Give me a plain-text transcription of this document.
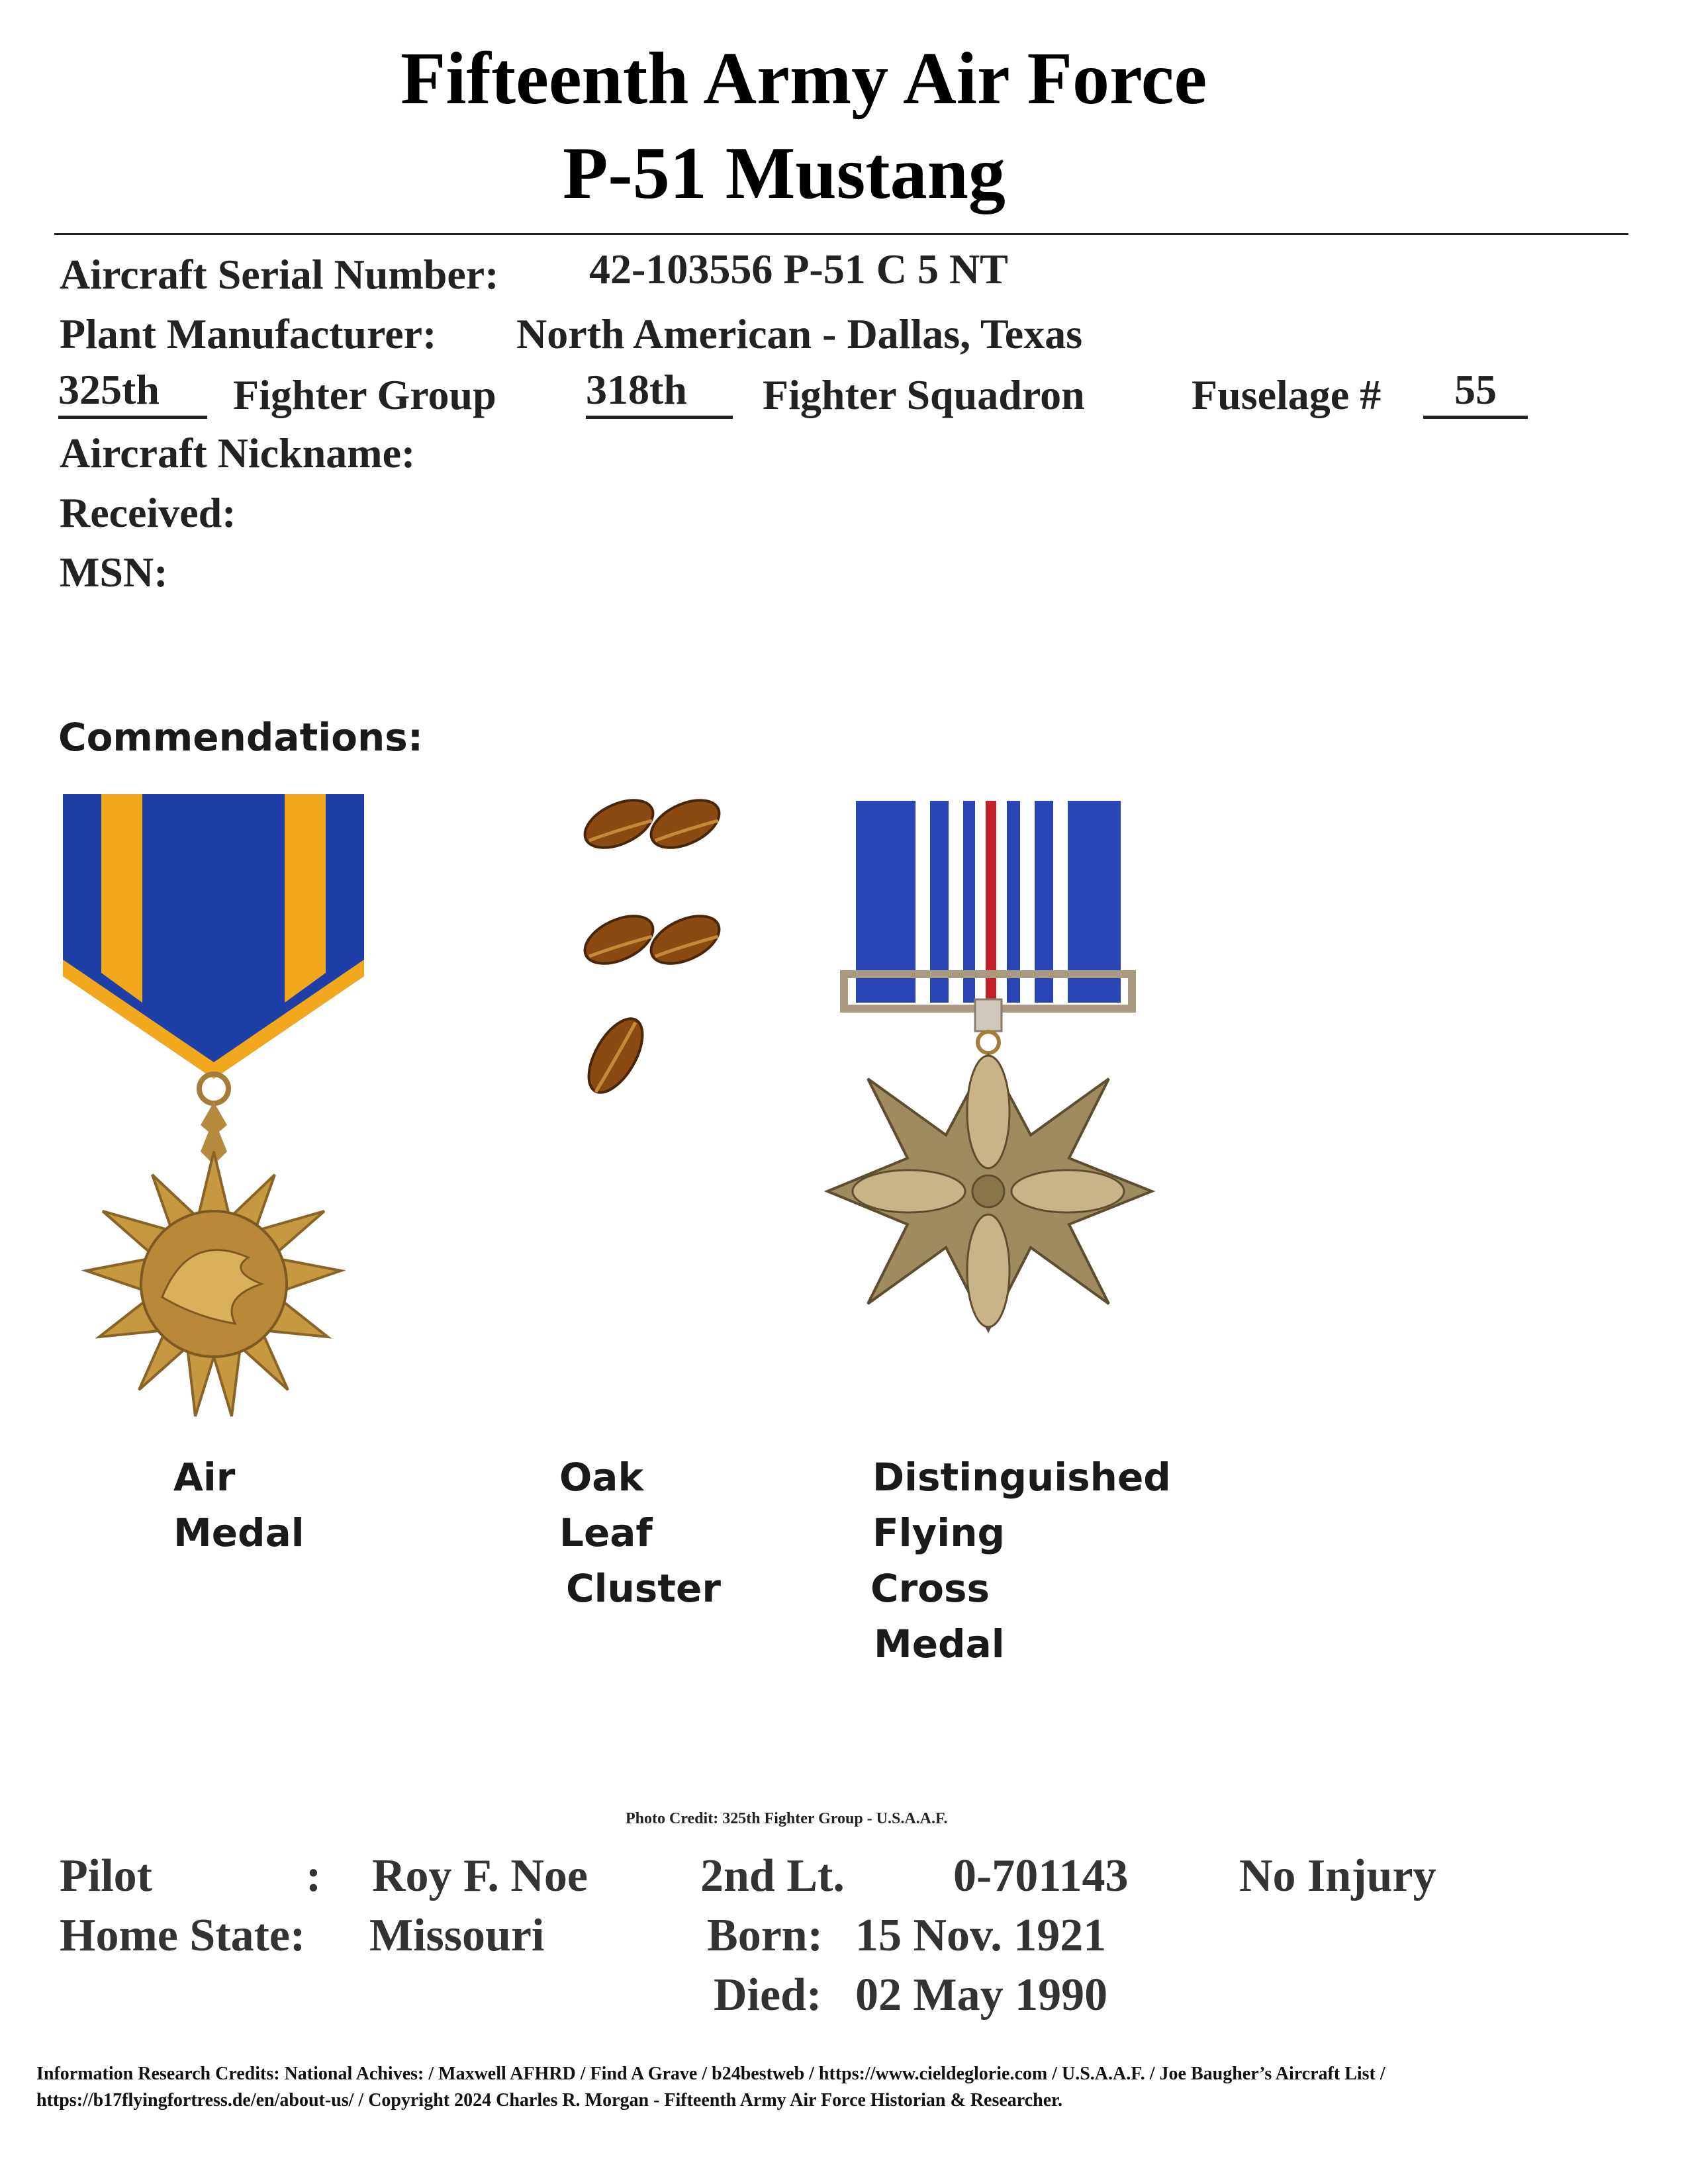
Fifteenth Army Air Force
P-51 Mustang
Aircraft Serial Number: 42-103556 P-51 C 5 NT
Plant Manufacturer: North American - Dallas, Texas
325th	Fighter Group 318th	Fighter Squadron	Fuselage #	55
Aircraft Nickname:
Received:
MSN:
Commendations:
Air
Medal
Oak
Leaf
Cluster
Distinguished
Flying
Cross
Medal
Photo Credit: 325th Fighter Group - U.S.A.A.F.
Pilot	: Roy F. Noe 2nd Lt. 0-701143 No Injury
Home State: Missouri	Born: 15 Nov. 1921
Died: 02 May 1990
Information Research Credits: National Achives: / Maxwell AFHRD / Find A Grave / b24bestweb / https://www.cieldeglorie.com / U.S.A.A.F. / Joe Baugher’s Aircraft List /
https://b17flyingfortress.de/en/about-us/ / Copyright 2024 Charles R. Morgan - Fifteenth Army Air Force Historian & Researcher.
